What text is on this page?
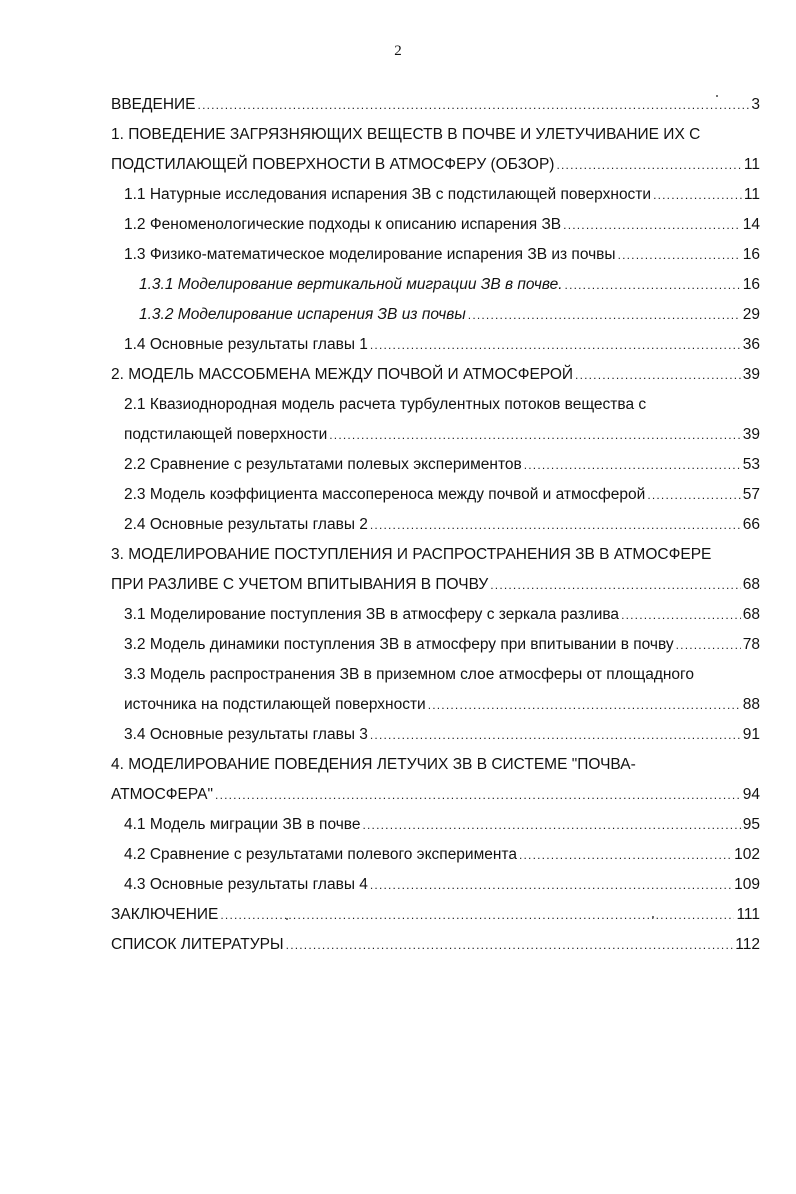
2
ВВЕДЕНИЕ .....	3
1. ПОВЕДЕНИЕ ЗАГРЯЗНЯЮЩИХ ВЕЩЕСТВ В ПОЧВЕ И УЛЕТУЧИВАНИЕ ИХ С
ПОДСТИЛАЮЩЕЙ ПОВЕРХНОСТИ В АТМОСФЕРУ (ОБЗОР) .....	11
1.1 Натурные исследования испарения ЗВ с подстилающей поверхности .....	11
1.2 Феноменологические подходы к описанию испарения ЗВ .....	14
1.3 Физико-математическое моделирование испарения ЗВ из почвы .....	16
1.3.1 Моделирование вертикальной миграции ЗВ в почве. .....	16
1.3.2 Моделирование испарения ЗВ из почвы .....	29
1.4 Основные результаты главы 1 .....	36
2. МОДЕЛЬ МАССОБМЕНА МЕЖДУ ПОЧВОЙ И АТМОСФЕРОЙ .....	39
2.1 Квазиоднородная модель расчета турбулентных потоков вещества с
подстилающей поверхности .....	39
2.2 Сравнение с результатами полевых экспериментов .....	53
2.3 Модель коэффициента массопереноса между почвой и атмосферой .....	57
2.4 Основные результаты главы 2 .....	66
3. МОДЕЛИРОВАНИЕ ПОСТУПЛЕНИЯ И РАСПРОСТРАНЕНИЯ ЗВ В АТМОСФЕРЕ
ПРИ РАЗЛИВЕ С УЧЕТОМ ВПИТЫВАНИЯ В ПОЧВУ .....	68
3.1 Моделирование поступления ЗВ в атмосферу с зеркала разлива .....	68
3.2 Модель динамики поступления ЗВ в атмосферу при впитывании в почву .....	78
3.3 Модель распространения ЗВ в приземном слое атмосферы от площадного
источника на подстилающей поверхности .....	88
3.4 Основные результаты главы 3 .....	91
4. МОДЕЛИРОВАНИЕ ПОВЕДЕНИЯ ЛЕТУЧИХ ЗВ В СИСТЕМЕ "ПОЧВА-
АТМОСФЕРА" .....	94
4.1 Модель миграции ЗВ в почве .....	95
4.2 Сравнение с результатами полевого эксперимента .....	102
4.3 Основные результаты главы 4 .....	109
ЗАКЛЮЧЕНИЕ .....	111
СПИСОК ЛИТЕРАТУРЫ .....	112
